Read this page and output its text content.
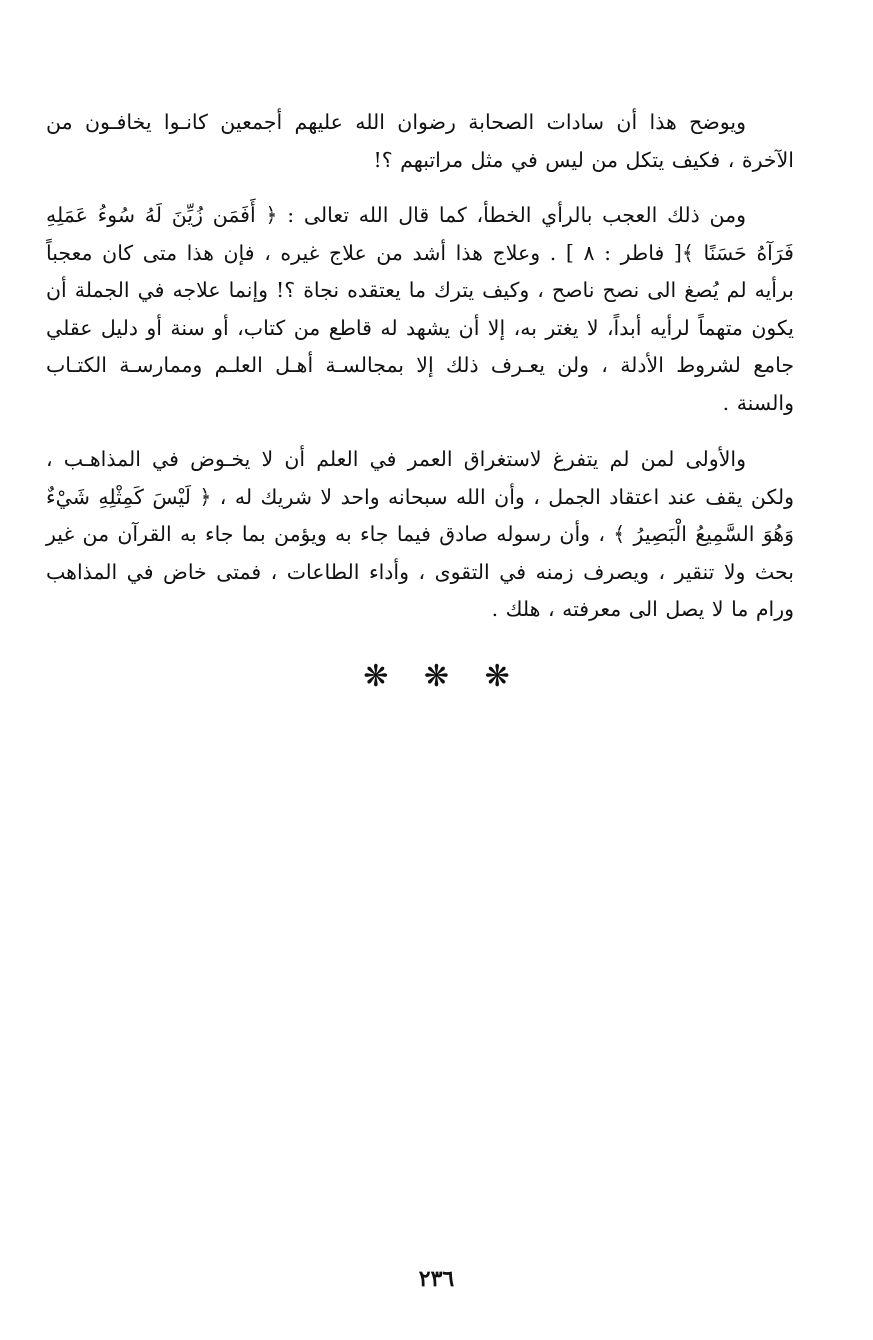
ويوضح هذا أن سادات الصحابة رضوان الله عليهم أجمعين كانـوا يخافـون من الآخرة ، فكيف يتكل من ليس في مثل مراتبهم ؟!

ومن ذلك العجب بالرأي الخطأ، كما قال الله تعالى : ﴿ أَفَمَن زُيِّنَ لَهُ سُوءُ عَمَلِهِ فَرَآهُ حَسَنًا ﴾[ فاطر : ٨ ] . وعلاج هذا أشد من علاج غيره ، فإن هذا متى كان معجباً برأيه لم يُصغ الى نصح ناصح ، وكيف يترك ما يعتقده نجاة ؟! وإنما علاجه في الجملة أن يكون متهماً لرأيه أبداً، لا يغتر به، إلا أن يشهد له قاطع من كتاب، أو سنة أو دليل عقلي جامع لشروط الأدلة ، ولن يعـرف ذلك إلا بمجالسـة أهـل العلـم وممارسـة الكتـاب والسنة .

والأولى لمن لم يتفرغ لاستغراق العمر في العلم أن لا يخـوض في المذاهـب ، ولكن يقف عند اعتقاد الجمل ، وأن الله سبحانه واحد لا شريك له ، ﴿ لَيْسَ كَمِثْلِهِ شَيْءٌ وَهُوَ السَّمِيعُ الْبَصِيرُ ﴾ ، وأن رسوله صادق فيما جاء به ويؤمن بما جاء به القرآن من غير بحث ولا تنقير ، ويصرف زمنه في التقوى ، وأداء الطاعات ، فمتى خاض في المذاهب ورام ما لا يصل الى معرفته ، هلك .

❋ ❋ ❋
٢٣٦
